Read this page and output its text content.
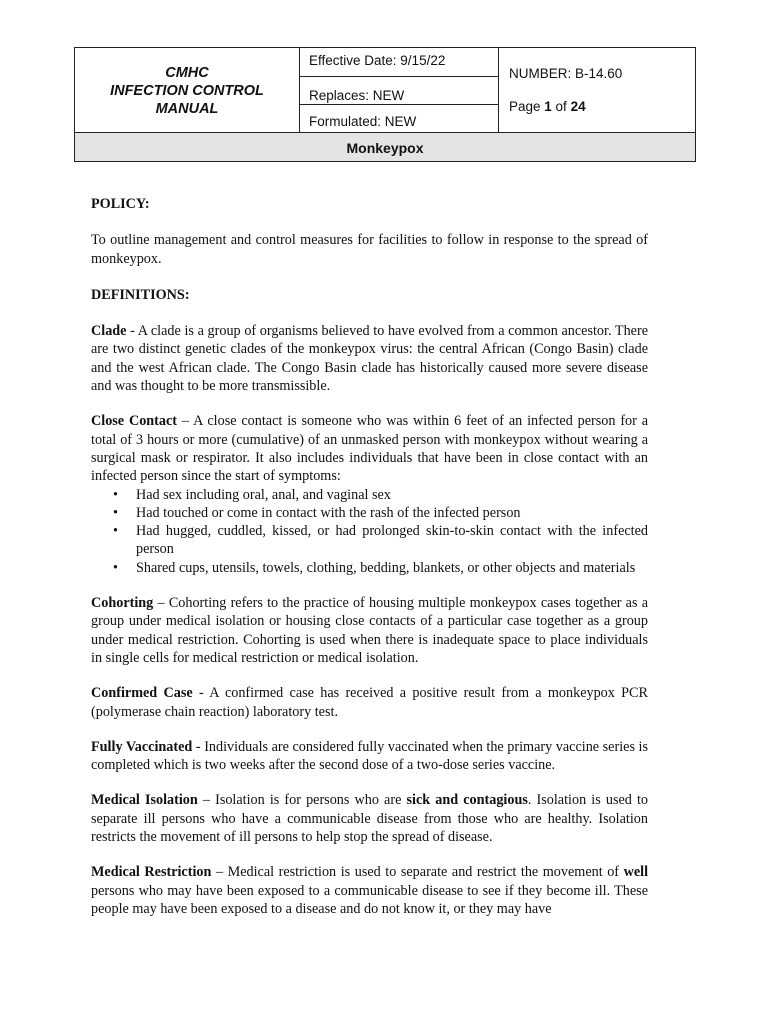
CMHC
INFECTION CONTROL
MANUAL
Effective Date: 9/15/22
Replaces: NEW
Formulated: NEW
NUMBER: B-14.60
Page 1 of 24
Monkeypox

POLICY:

To outline management and control measures for facilities to follow in response to the spread of monkeypox.

DEFINITIONS:

Clade - A clade is a group of organisms believed to have evolved from a common ancestor. There are two distinct genetic clades of the monkeypox virus: the central African (Congo Basin) clade and the west African clade. The Congo Basin clade has historically caused more severe disease and was thought to be more transmissible.

Close Contact – A close contact is someone who was within 6 feet of an infected person for a total of 3 hours or more (cumulative) of an unmasked person with monkeypox without wearing a surgical mask or respirator. It also includes individuals that have been in close contact with an infected person since the start of symptoms:

• Had sex including oral, anal, and vaginal sex
• Had touched or come in contact with the rash of the infected person
• Had hugged, cuddled, kissed, or had prolonged skin-to-skin contact with the infected person
• Shared cups, utensils, towels, clothing, bedding, blankets, or other objects and materials

Cohorting – Cohorting refers to the practice of housing multiple monkeypox cases together as a group under medical isolation or housing close contacts of a particular case together as a group under medical restriction. Cohorting is used when there is inadequate space to place individuals in single cells for medical restriction or medical isolation.

Confirmed Case - A confirmed case has received a positive result from a monkeypox PCR (polymerase chain reaction) laboratory test.

Fully Vaccinated - Individuals are considered fully vaccinated when the primary vaccine series is completed which is two weeks after the second dose of a two-dose series vaccine.

Medical Isolation – Isolation is for persons who are sick and contagious. Isolation is used to separate ill persons who have a communicable disease from those who are healthy. Isolation restricts the movement of ill persons to help stop the spread of disease.

Medical Restriction – Medical restriction is used to separate and restrict the movement of well persons who may have been exposed to a communicable disease to see if they become ill. These people may have been exposed to a disease and do not know it, or they may have
